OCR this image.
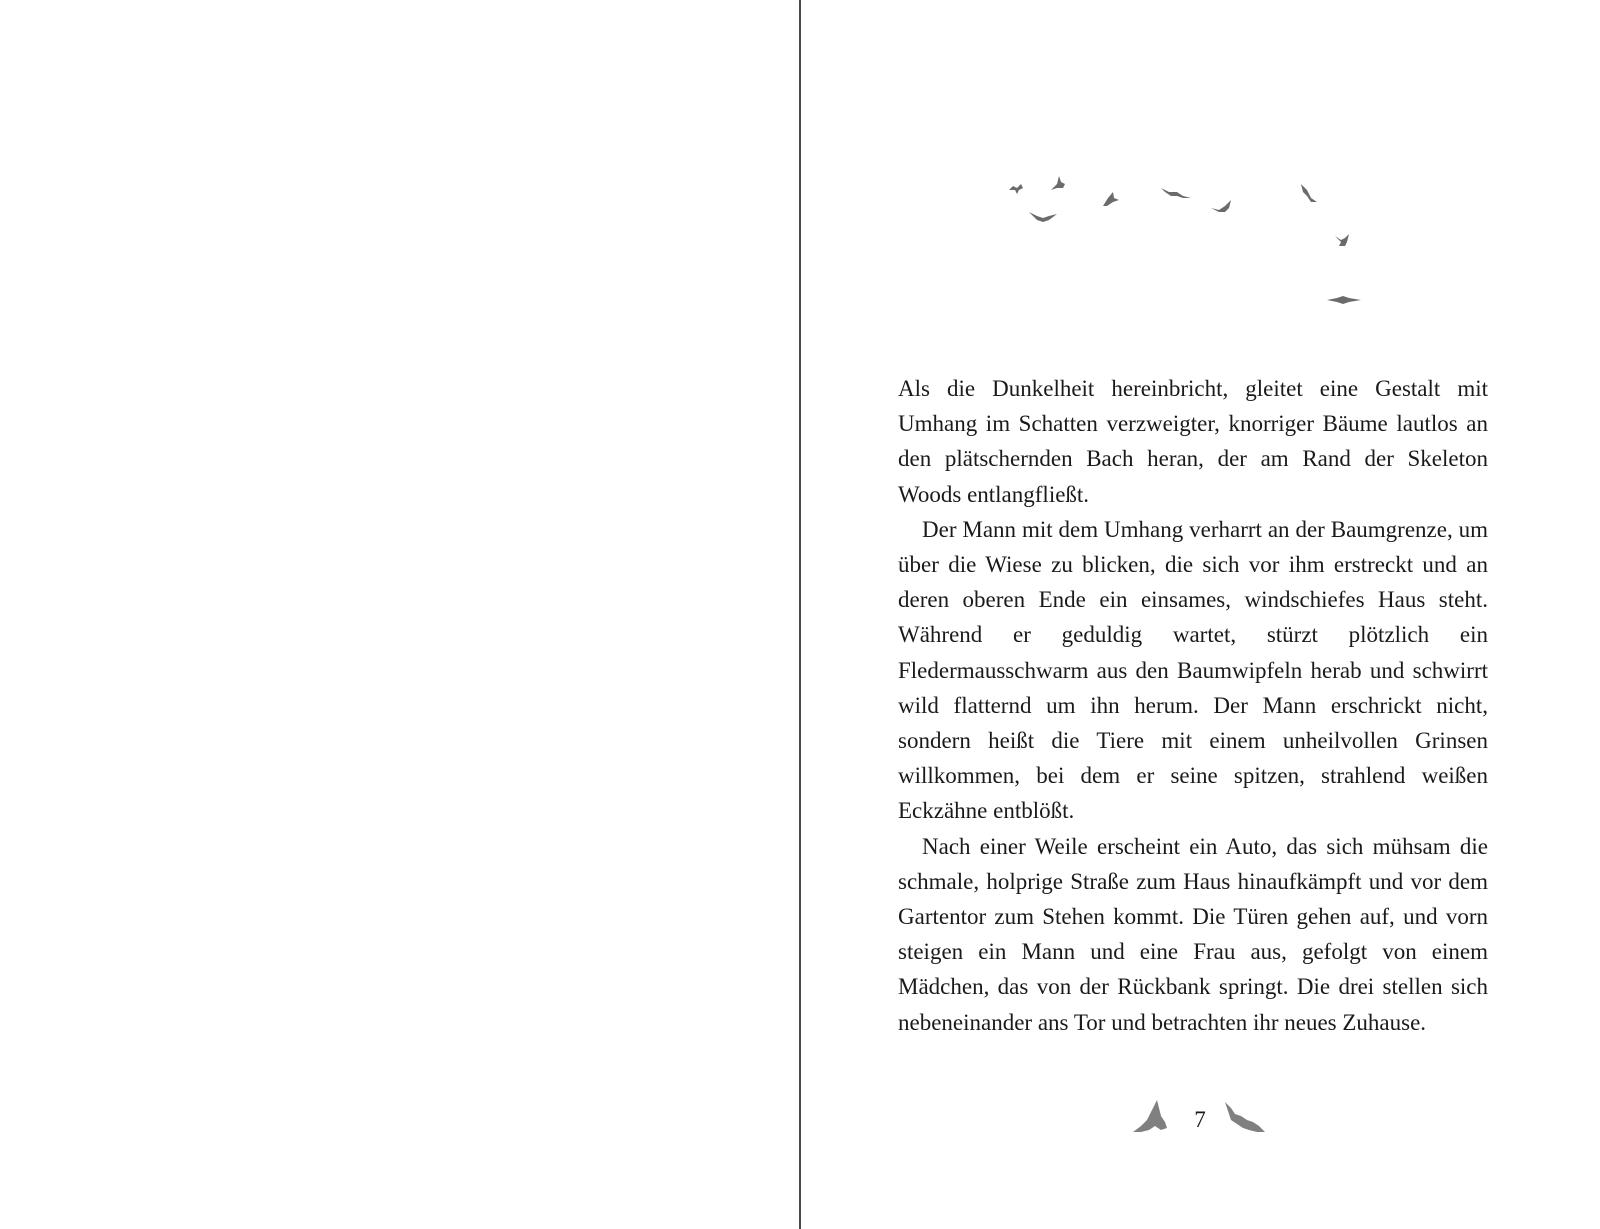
Als die Dunkelheit hereinbricht, gleitet eine Gestalt mit Umhang im Schatten verzweigter, knorriger Bäume lautlos an den plätschernden Bach heran, der am Rand der Skeleton Woods entlangfließt.

Der Mann mit dem Umhang verharrt an der Baumgrenze, um über die Wiese zu blicken, die sich vor ihm erstreckt und an deren oberen Ende ein einsames, windschiefes Haus steht. Während er geduldig wartet, stürzt plötzlich ein Fledermausschwarm aus den Baumwipfeln herab und schwirrt wild flatternd um ihn herum. Der Mann erschrickt nicht, sondern heißt die Tiere mit einem unheilvollen Grinsen willkommen, bei dem er seine spitzen, strahlend weißen Eckzähne entblößt.

Nach einer Weile erscheint ein Auto, das sich mühsam die schmale, holprige Straße zum Haus hinaufkämpft und vor dem Gartentor zum Stehen kommt. Die Türen gehen auf, und vorn steigen ein Mann und eine Frau aus, gefolgt von einem Mädchen, das von der Rückbank springt. Die drei stellen sich nebeneinander ans Tor und betrachten ihr neues Zuhause.

7
